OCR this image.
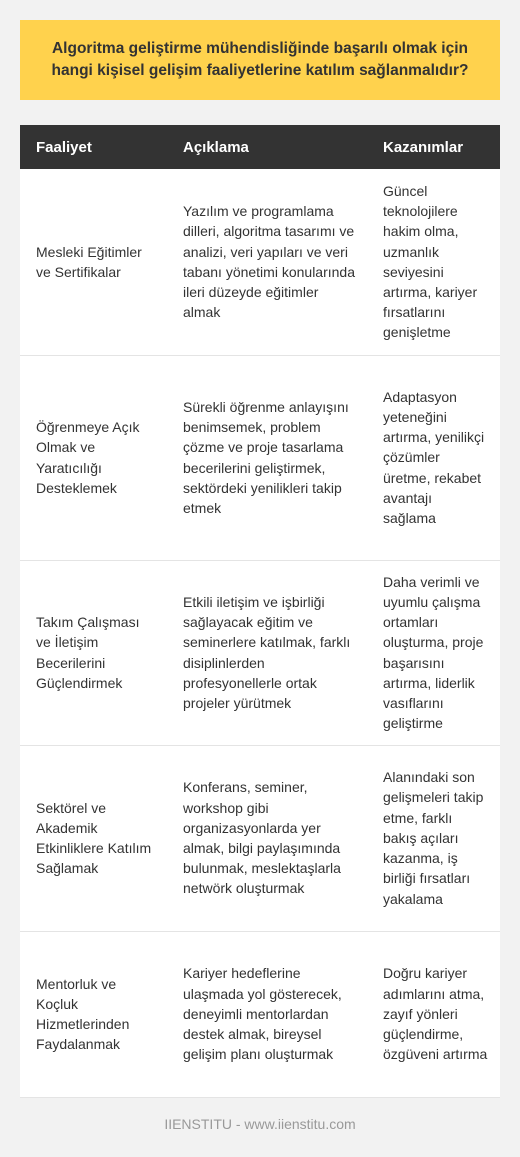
Algoritma geliştirme mühendisliğinde başarılı olmak için hangi kişisel gelişim faaliyetlerine katılım sağlanmalıdır?
Faaliyet	Açıklama	Kazanımlar
Mesleki Eğitimler ve Sertifikalar	Yazılım ve programlama dilleri, algoritma tasarımı ve analizi, veri yapıları ve veri tabanı yönetimi konularında ileri düzeyde eğitimler almak	Güncel teknolojilere hakim olma, uzmanlık seviyesini artırma, kariyer fırsatlarını genişletme
Öğrenmeye Açık Olmak ve Yaratıcılığı Desteklemek	Sürekli öğrenme anlayışını benimsemek, problem çözme ve proje tasarlama becerilerini geliştirmek, sektördeki yenilikleri takip etmek	Adaptasyon yeteneğini artırma, yenilikçi çözümler üretme, rekabet avantajı sağlama
Takım Çalışması ve İletişim Becerilerini Güçlendirmek	Etkili iletişim ve işbirliği sağlayacak eğitim ve seminerlere katılmak, farklı disiplinlerden profesyonellerle ortak projeler yürütmek	Daha verimli ve uyumlu çalışma ortamları oluşturma, proje başarısını artırma, liderlik vasıflarını geliştirme
Sektörel ve Akademik Etkinliklere Katılım Sağlamak	Konferans, seminer, workshop gibi organizasyonlarda yer almak, bilgi paylaşımında bulunmak, meslektaşlarla netwörk oluşturmak	Alanındaki son gelişmeleri takip etme, farklı bakış açıları kazanma, iş birliği fırsatları yakalama
Mentorluk ve Koçluk Hizmetlerinden Faydalanmak	Kariyer hedeflerine ulaşmada yol gösterecek, deneyimli mentorlardan destek almak, bireysel gelişim planı oluşturmak	Doğru kariyer adımlarını atma, zayıf yönleri güçlendirme, özgüveni artırma
IIENSTITU - www.iienstitu.com
